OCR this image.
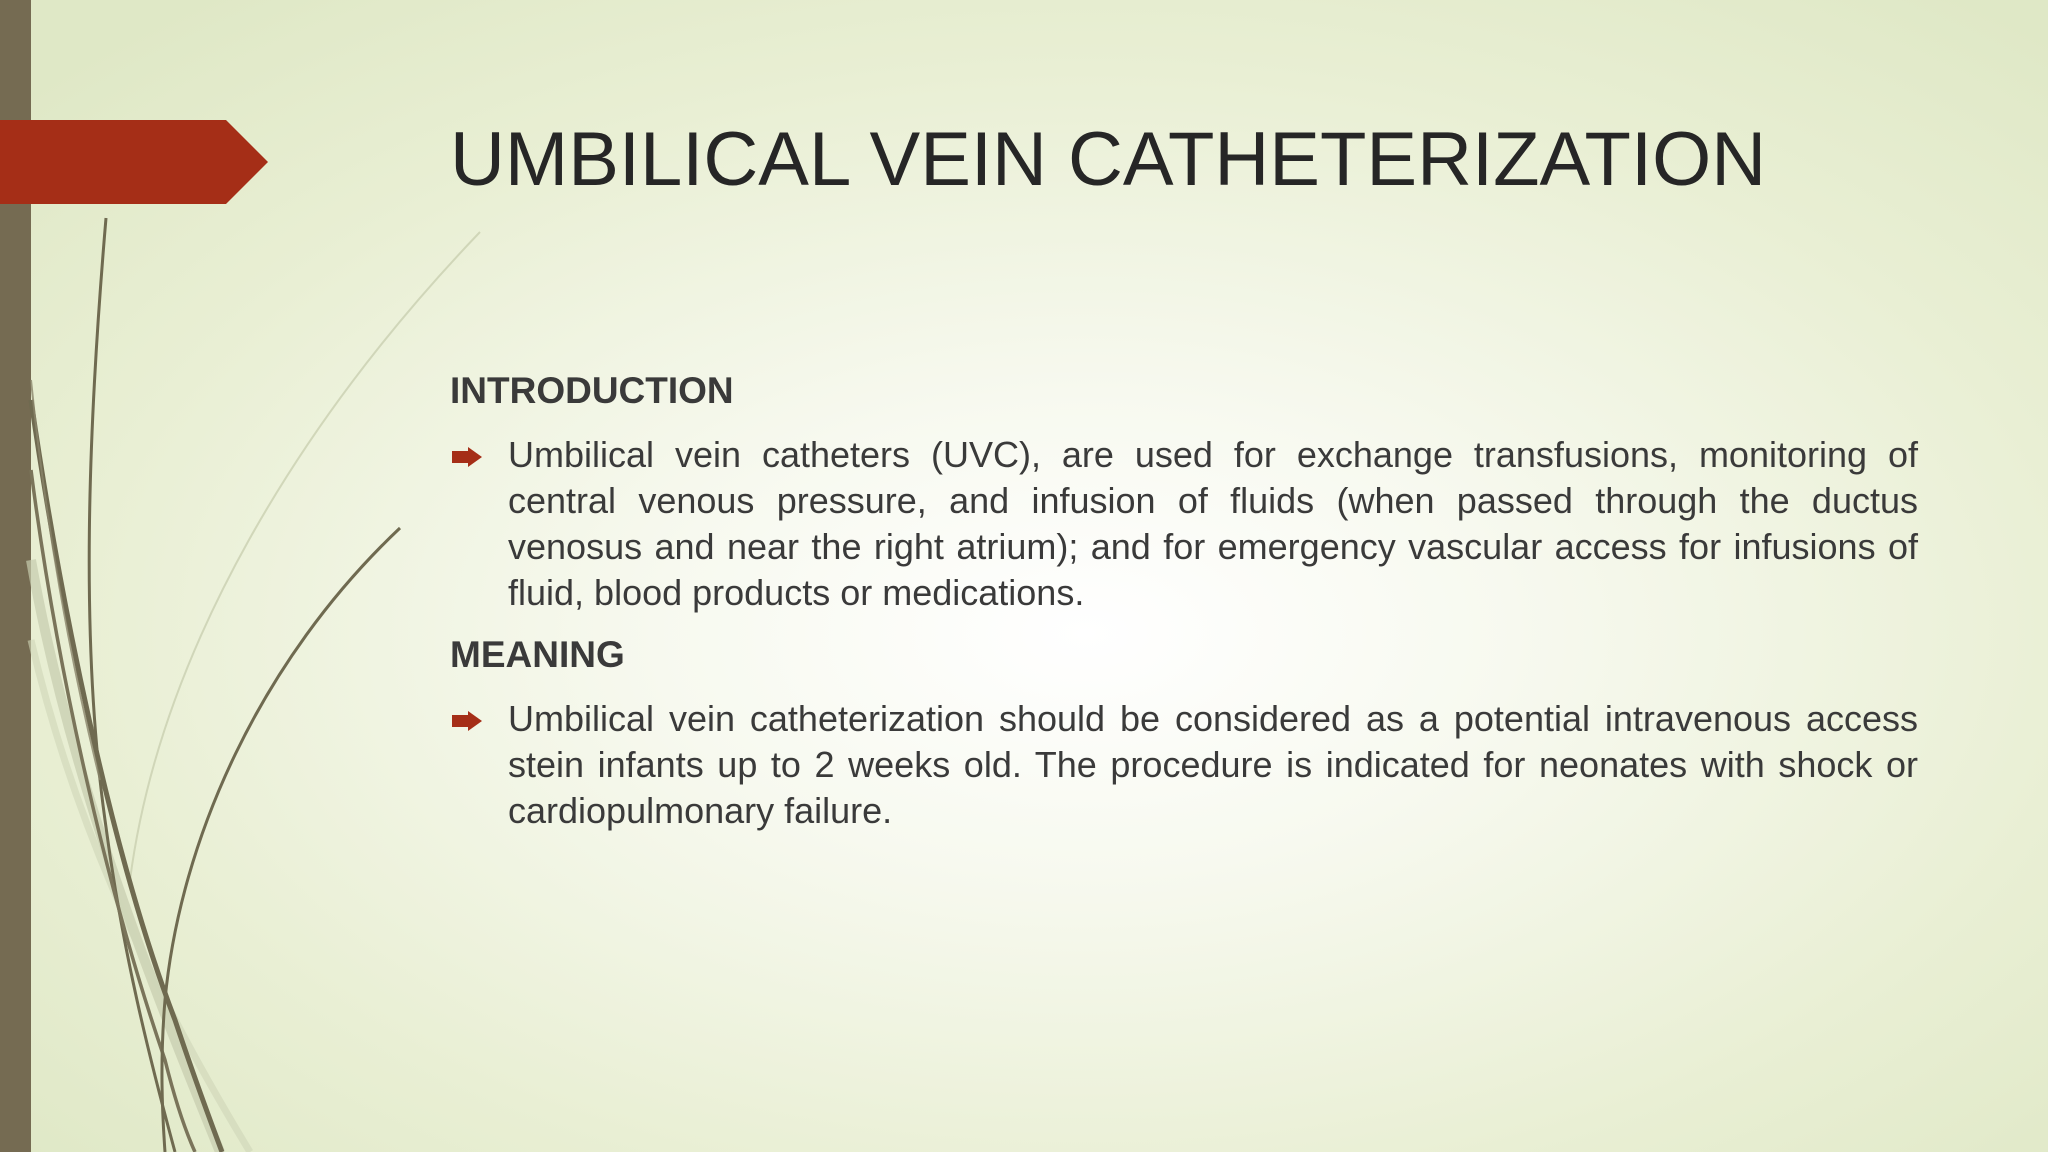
UMBILICAL VEIN CATHETERIZATION
INTRODUCTION

Umbilical vein catheters (UVC), are used for exchange transfusions, monitoring of central venous pressure, and infusion of fluids (when passed through the ductus venosus and near the right atrium); and for emergency vascular access for infusions of fluid, blood products or medications.

MEANING

Umbilical vein catheterization should be considered as a potential intravenous access stein infants up to 2 weeks old. The procedure is indicated for neonates with shock or cardiopulmonary failure.
